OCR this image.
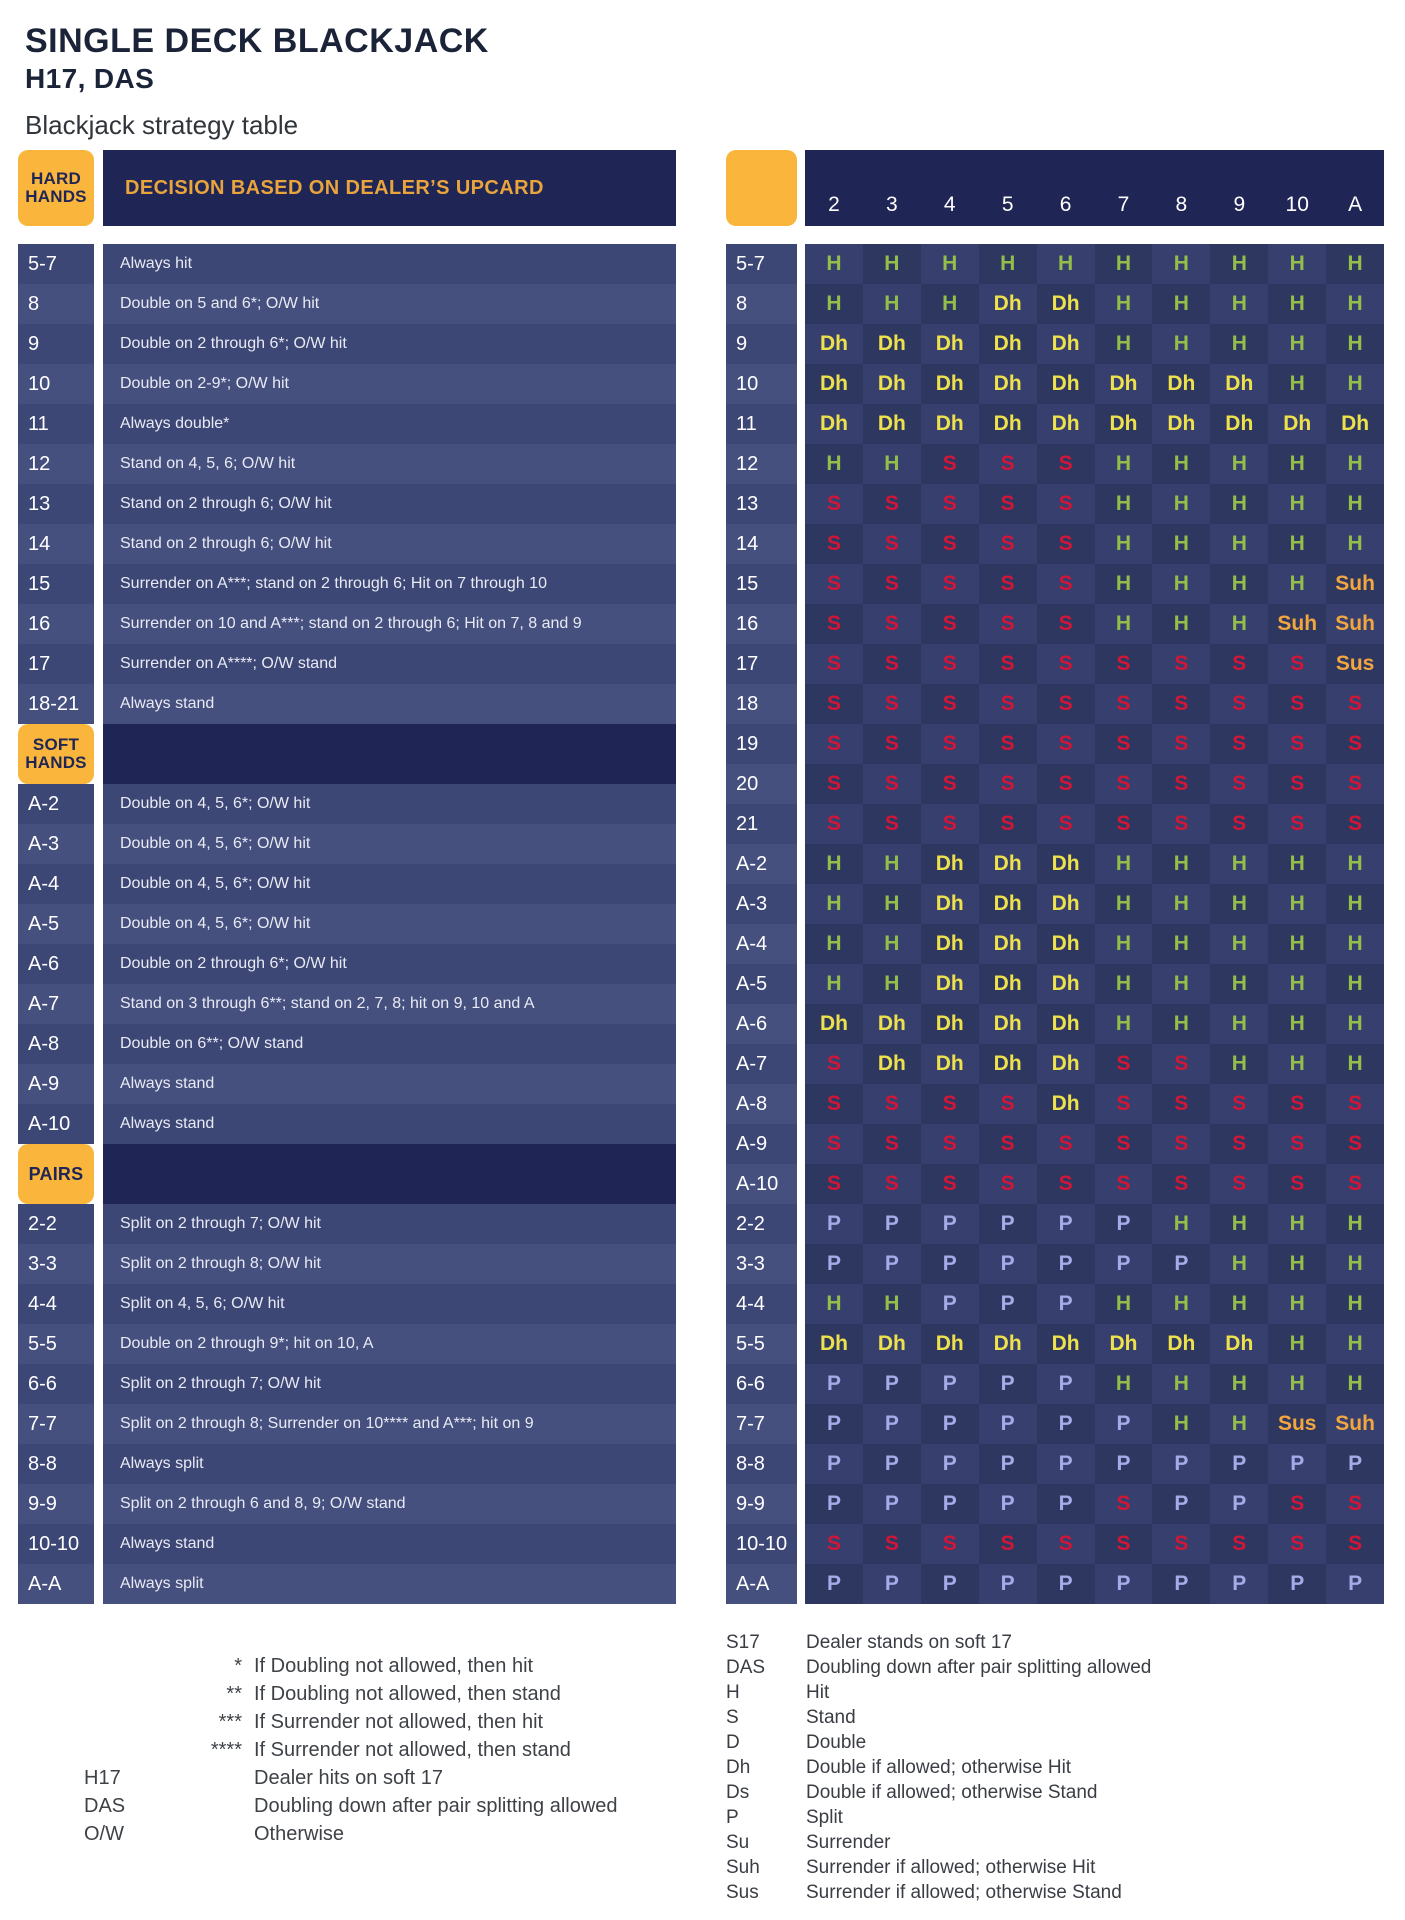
SINGLE DECK BLACKJACK
H17, DAS
Blackjack strategy table
HARD
HANDS	DECISION BASED ON DEALER’S UPCARD
5-7	Always hit
8	Double on 5 and 6*; O/W hit
9	Double on 2 through 6*; O/W hit
10	Double on 2-9*; O/W hit
11	Always double*
12	Stand on 4, 5, 6; O/W hit
13	Stand on 2 through 6; O/W hit
14	Stand on 2 through 6; O/W hit
15	Surrender on A***; stand on 2 through 6; Hit on 7 through 10
16	Surrender on 10 and A***; stand on 2 through 6; Hit on 7, 8 and 9
17	Surrender on A****; O/W stand
18-21	Always stand
SOFT
HANDS
A-2	Double on 4, 5, 6*; O/W hit
A-3	Double on 4, 5, 6*; O/W hit
A-4	Double on 4, 5, 6*; O/W hit
A-5	Double on 4, 5, 6*; O/W hit
A-6	Double on 2 through 6*; O/W hit
A-7	Stand on 3 through 6**; stand on 2, 7, 8; hit on 9, 10 and A
A-8	Double on 6**; O/W stand
A-9	Always stand
A-10	Always stand
PAIRS
2-2	Split on 2 through 7; O/W hit
3-3	Split on 2 through 8; O/W hit
4-4	Split on 4, 5, 6; O/W hit
5-5	Double on 2 through 9*; hit on 10, A
6-6	Split on 2 through 7; O/W hit
7-7	Split on 2 through 8; Surrender on 10**** and A***; hit on 9
8-8	Always split
9-9	Split on 2 through 6 and 8, 9; O/W stand
10-10	Always stand
A-A	Always split
* If Doubling not allowed, then hit
** If Doubling not allowed, then stand
*** If Surrender not allowed, then hit
**** If Surrender not allowed, then stand
H17	Dealer hits on soft 17
DAS	Doubling down after pair splitting allowed
O/W	Otherwise
2	3	4	5	6	7	8	9	10	A
5-7	H	H	H	H	H	H	H	H	H	H
8	H	H	H	Dh	Dh	H	H	H	H	H
9	Dh	Dh	Dh	Dh	Dh	H	H	H	H	H
10	Dh	Dh	Dh	Dh	Dh	Dh	Dh	Dh	H	H
11	Dh	Dh	Dh	Dh	Dh	Dh	Dh	Dh	Dh	Dh
12	H	H	S	S	S	H	H	H	H	H
13	S	S	S	S	S	H	H	H	H	H
14	S	S	S	S	S	H	H	H	H	H
15	S	S	S	S	S	H	H	H	H	Suh
16	S	S	S	S	S	H	H	H	Suh Suh
17	S	S	S	S	S	S	S	S	S	Sus
18	S	S	S	S	S	S	S	S	S	S
19	S	S	S	S	S	S	S	S	S	S
20	S	S	S	S	S	S	S	S	S	S
21	S	S	S	S	S	S	S	S	S	S
A-2	H	H	Dh	Dh	Dh	H	H	H	H	H
A-3	H	H	Dh	Dh	Dh	H	H	H	H	H
A-4	H	H	Dh	Dh	Dh	H	H	H	H	H
A-5	H	H	Dh	Dh	Dh	H	H	H	H	H
A-6	Dh	Dh	Dh	Dh	Dh	H	H	H	H	H
A-7	S	Dh	Dh	Dh	Dh	S	S	H	H	H
A-8	S	S	S	S	Dh	S	S	S	S	S
A-9	S	S	S	S	S	S	S	S	S	S
A-10	S	S	S	S	S	S	S	S	S	S
2-2	P	P	P	P	P	P	H	H	H	H
3-3	P	P	P	P	P	P	P	H	H	H
4-4	H	H	P	P	P	H	H	H	H	H
5-5	Dh	Dh	Dh	Dh	Dh	Dh	Dh	Dh	H	H
6-6	P	P	P	P	P	H	H	H	H	H
7-7	P	P	P	P	P	P	H	H	Sus Suh
8-8	P	P	P	P	P	P	P	P	P	P
9-9	P	P	P	P	P	S	P	P	S	S
10-10	S	S	S	S	S	S	S	S	S	S
A-A	P	P	P	P	P	P	P	P	P	P
S17	Dealer stands on soft 17
DAS	Doubling down after pair splitting allowed
H	Hit
S	Stand
D	Double
Dh	Double if allowed; otherwise Hit
Ds	Double if allowed; otherwise Stand
P	Split
Su	Surrender
Suh	Surrender if allowed; otherwise Hit
Sus	Surrender if allowed; otherwise Stand
